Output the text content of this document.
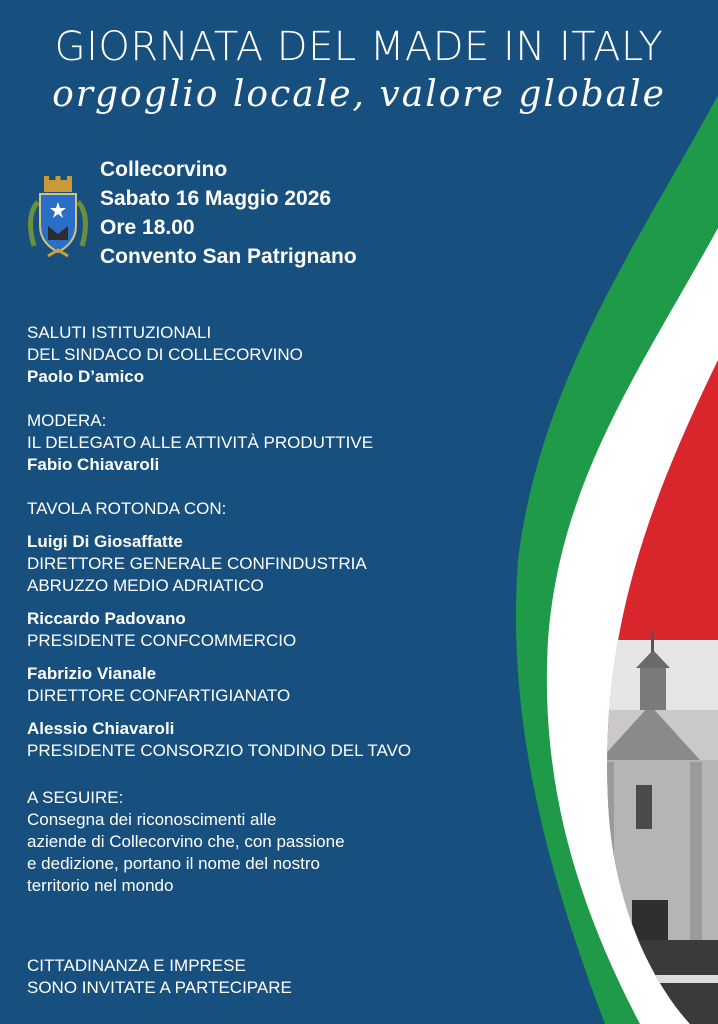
GIORNATA DEL MADE IN ITALY
orgoglio locale, valore globale
Collecorvino
Sabato 16 Maggio 2026
Ore 18.00
Convento San Patrignano
SALUTI ISTITUZIONALI
DEL SINDACO DI COLLECORVINO
Paolo D’amico
MODERA:
IL DELEGATO ALLE ATTIVITÀ PRODUTTIVE
Fabio Chiavaroli
TAVOLA ROTONDA CON:
Luigi Di Giosaffatte
DIRETTORE GENERALE CONFINDUSTRIA
ABRUZZO MEDIO ADRIATICO
Riccardo Padovano
PRESIDENTE CONFCOMMERCIO
Fabrizio Vianale
DIRETTORE CONFARTIGIANATO
Alessio Chiavaroli
PRESIDENTE CONSORZIO TONDINO DEL TAVO
A SEGUIRE:
Consegna dei riconoscimenti alle
aziende di Collecorvino che, con passione
e dedizione, portano il nome del nostro
territorio nel mondo
CITTADINANZA E IMPRESE
SONO INVITATE A PARTECIPARE
